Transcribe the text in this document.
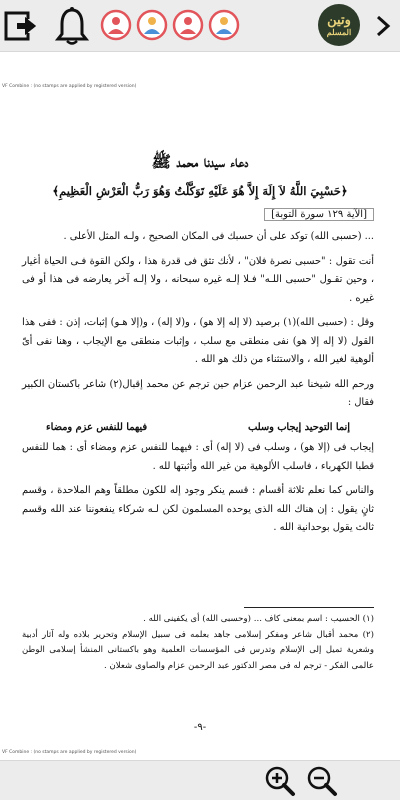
وتين
المسلم
VF Combine : (no stamps are applied by registered version)
دعاء سيدنا محمد ﷺ
﴿حَسْبِيَ اللَّهُ لاَ إِلَهَ إِلاَّ هُوَ عَلَيْهِ تَوَكَّلْتُ وَهُوَ رَبُّ الْعَرْشِ الْعَظِيمِ﴾
[الآية ١٢٩ سورة التوبة]

... (حسبى الله) توكد على أن حسبك فى المكان الصحيح ، ولـه المثل الأعلى .

أنت تقول : "حسبى نصرة فلان" ، لأنك تثق فى قدرة هذا ، ولكن القوة فـى الحياة أغيار ، وحين تقـول "حسبى اللـه" فـلا إلـه غيره سبحانه ، ولا إلـه آخر يعارضه فى هذا أو فى غيره .

وقل : (حسبى الله)(١) برصيد (لا إله إلا هو) ، و(لا إله) ، و(إلا هـو) إثبات، إذن : ففى هذا القول (لا إله إلا هو) نفى منطقى مع سلب ، وإثبات منطقى مع الإيجاب ، وهنا نفى أىّ ألوهية لغير الله ، والاستثناء من ذلك هو الله .

ورحم الله شيخنا عبد الرحمن عزام حين ترجم عن محمد إقبال(٢) شاعر باكستان الكبير فقال :

إنما التوحيد إيجاب وسلب
فيهما للنفس عزم ومضاء

إيجاب فى (إلا هو) ، وسلب فى (لا إله) أى : فيهما للنفس عزم ومضاء أى : هما للنفس قطبا الكهرباء ، فاسلب الألوهية من غير الله وأثبتها لله .

والناس كما نعلم ثلاثة أقسام : قسم ينكر وجود إله للكون مطلقاً وهم الملاحدة ، وقسم ثانٍ يقول : إن هناك الله الذى يوحده المسلمون لكن لـه شركاء ينفعوننا عند الله وقسم ثالث يقول بوحدانية الله .

(١) الحسيب : اسم بمعنى كاف ... (وحسبى الله) أى يكفينى الله .
(٢) محمد أقبال شاعر ومفكر إسلامى جاهد بعلمه فى سبيل الإسلام وتحرير بلاده وله آثار أدبية وشعرية تميل إلى الإسلام وتدرس فى المؤسسات العلمية وهو باكستانى المنشأ إسلامى الوطن عالمى الفكر - ترجم له فى مصر الدكتور عبد الرحمن عزام والصاوى شعلان .
-٩-
VF Combine : (no stamps are applied by registered version)
